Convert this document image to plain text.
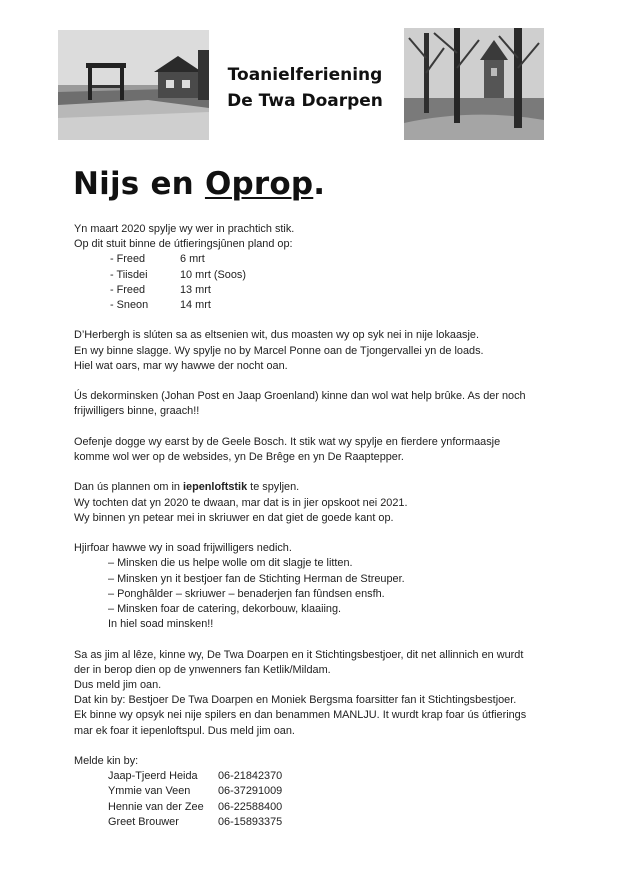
Toanielferiening
De Twa Doarpen
Nijs en Oprop.

Yn maart 2020 spylje wy wer in prachtich stik.

Op dit stuit binne de útfieringsjûnen pland op:

- Freed	6 mrt
- Tiisdei	10 mrt (Soos)
- Freed	13 mrt
- Sneon	14 mrt

D’Herbergh is slúten sa as eltsenien wit, dus moasten wy op syk nei in nije lokaasje.

En wy binne slagge. Wy spylje no by Marcel Ponne oan de Tjongervallei yn de loads.

Hiel wat oars, mar wy hawwe der nocht oan.

Ús dekorminsken (Johan Post en Jaap Groenland) kinne dan wol wat help brûke. As der noch

frijwilligers binne, graach!!

Oefenje dogge wy earst by de Geele Bosch. It stik wat wy spylje en fierdere ynformaasje

komme wol wer op de websides, yn De Brêge en yn De Raaptepper.

Dan ús plannen om in iepenloftstik te spyljen.

Wy tochten dat yn 2020 te dwaan, mar dat is in jier opskoot nei 2021.

Wy binnen yn petear mei in skriuwer en dat giet de goede kant op.

Hjirfoar hawwe wy in soad frijwilligers nedich.

– Minsken die us helpe wolle om dit slagje te litten.

– Minsken yn it bestjoer fan de Stichting Herman de Streuper.

– Ponghâlder – skriuwer – benaderjen fan fûndsen ensfh.

– Minsken foar de catering, dekorbouw, klaaiing.

In hiel soad minsken!!

Sa as jim al lêze, kinne wy, De Twa Doarpen en it Stichtingsbestjoer, dit net allinnich en wurdt

der in berop dien op de ynwenners fan Ketlik/Mildam.

Dus meld jim oan.

Dat kin by: Bestjoer De Twa Doarpen en Moniek Bergsma foarsitter fan it Stichtingsbestjoer.

Ek binne wy opsyk nei nije spilers en dan benammen MANLJU. It wurdt krap foar ús útfierings

mar ek foar it iepenloftspul. Dus meld jim oan.

Melde kin by:

Jaap-Tjeerd Heida	06-21842370
Ymmie van Veen	06-37291009
Hennie van der Zee	06-22588400
Greet Brouwer	06-15893375
